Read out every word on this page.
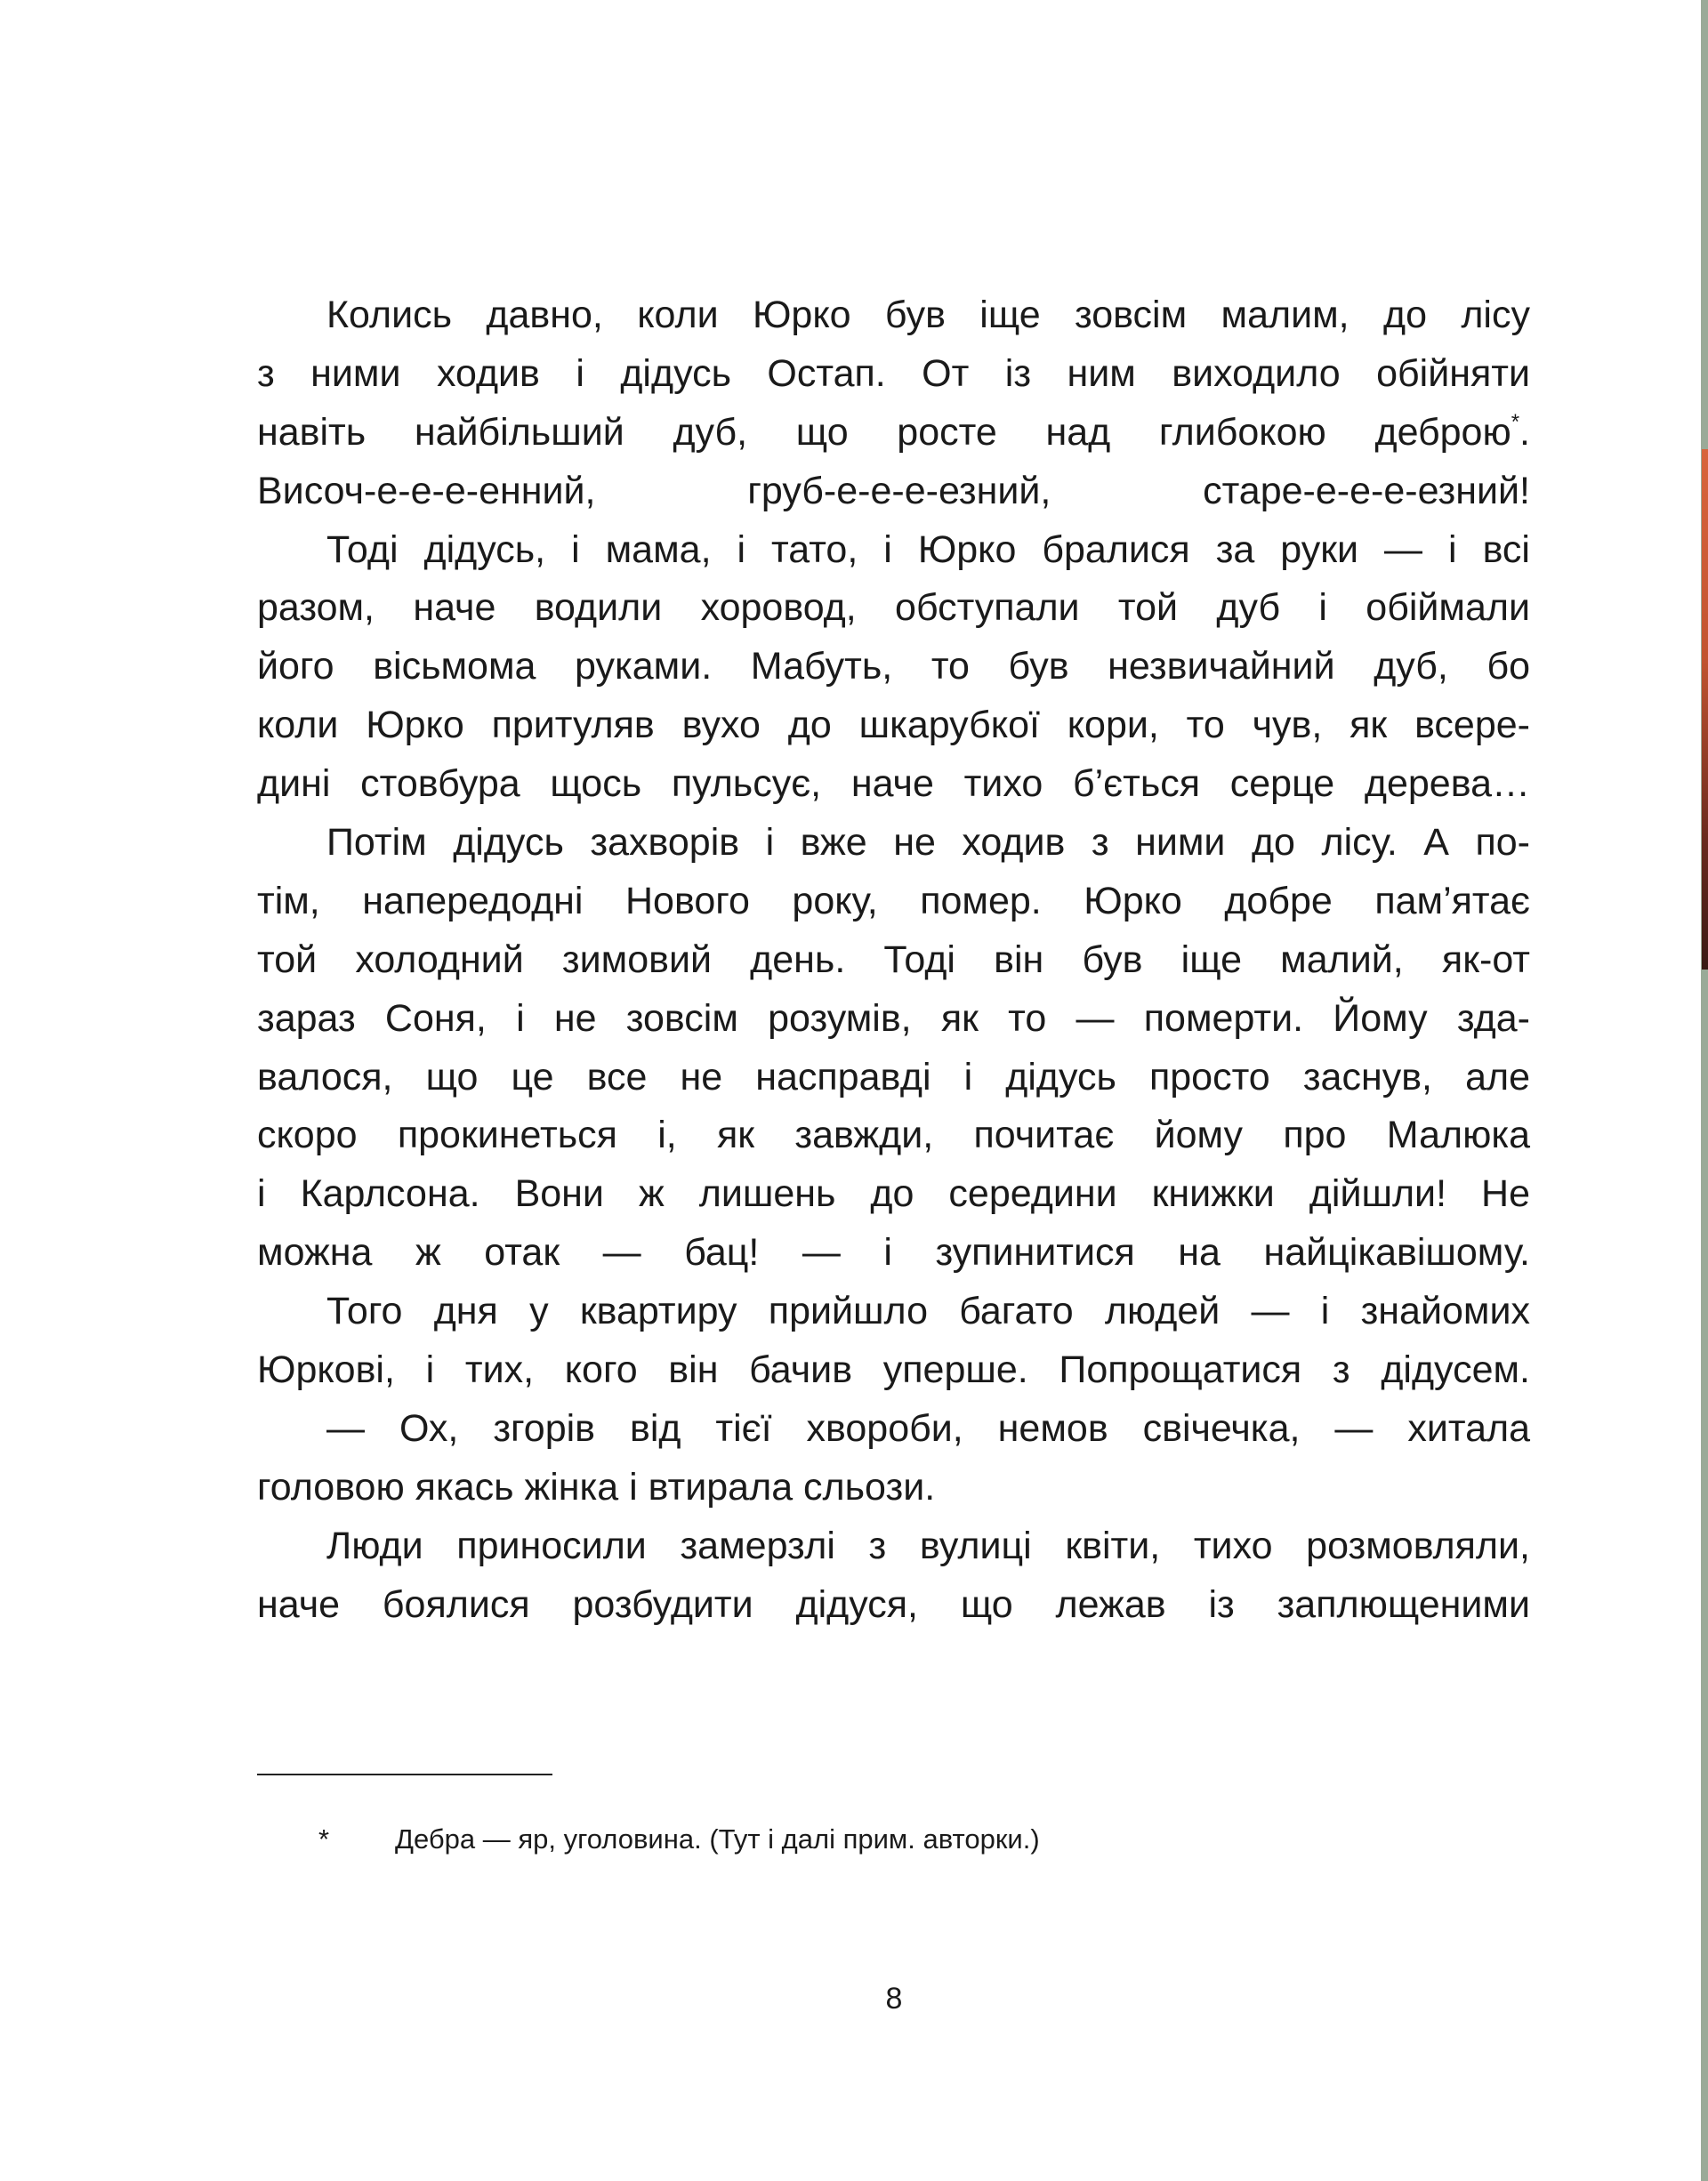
Колись давно, коли Юрко був іще зовсім малим, до лісу
з ними ходив і дідусь Остап. От із ним виходило обійняти
навіть найбільший дуб, що росте над глибокою деброю*.
Височ-е-е-е-енний, груб-е-е-е-езний, старе-е-е-е-езний!
Тоді дідусь, і мама, і тато, і Юрко бралися за руки — і всі
разом, наче водили хоровод, обступали той дуб і обіймали
його вісьмома руками. Мабуть, то був незвичайний дуб, бо
коли Юрко притуляв вухо до шкарубкої кори, то чув, як всере-
дині стовбура щось пульсує, наче тихо б’ється серце дерева…
Потім дідусь захворів і вже не ходив з ними до лісу. А по-
тім, напередодні Нового року, помер. Юрко добре пам’ятає
той холодний зимовий день. Тоді він був іще малий, як-от
зараз Соня, і не зовсім розумів, як то — померти. Йому зда-
валося, що це все не насправді і дідусь просто заснув, але
скоро прокинеться і, як завжди, почитає йому про Малюка
і Карлсона. Вони ж лишень до середини книжки дійшли! Не
можна ж отак — бац! — і зупинитися на найцікавішому.
Того дня у квартиру прийшло багато людей — і знайомих
Юркові, і тих, кого він бачив уперше. Попрощатися з дідусем.
— Ох, згорів від тієї хвороби, немов свічечка, — хитала
головою якась жінка і втирала сльози.
Люди приносили замерзлі з вулиці квіти, тихо розмовляли,
наче боялися розбудити дідуся, що лежав із заплющеними
* Дебра — яр, уголовина. (Тут і далі прим. авторки.)
8
